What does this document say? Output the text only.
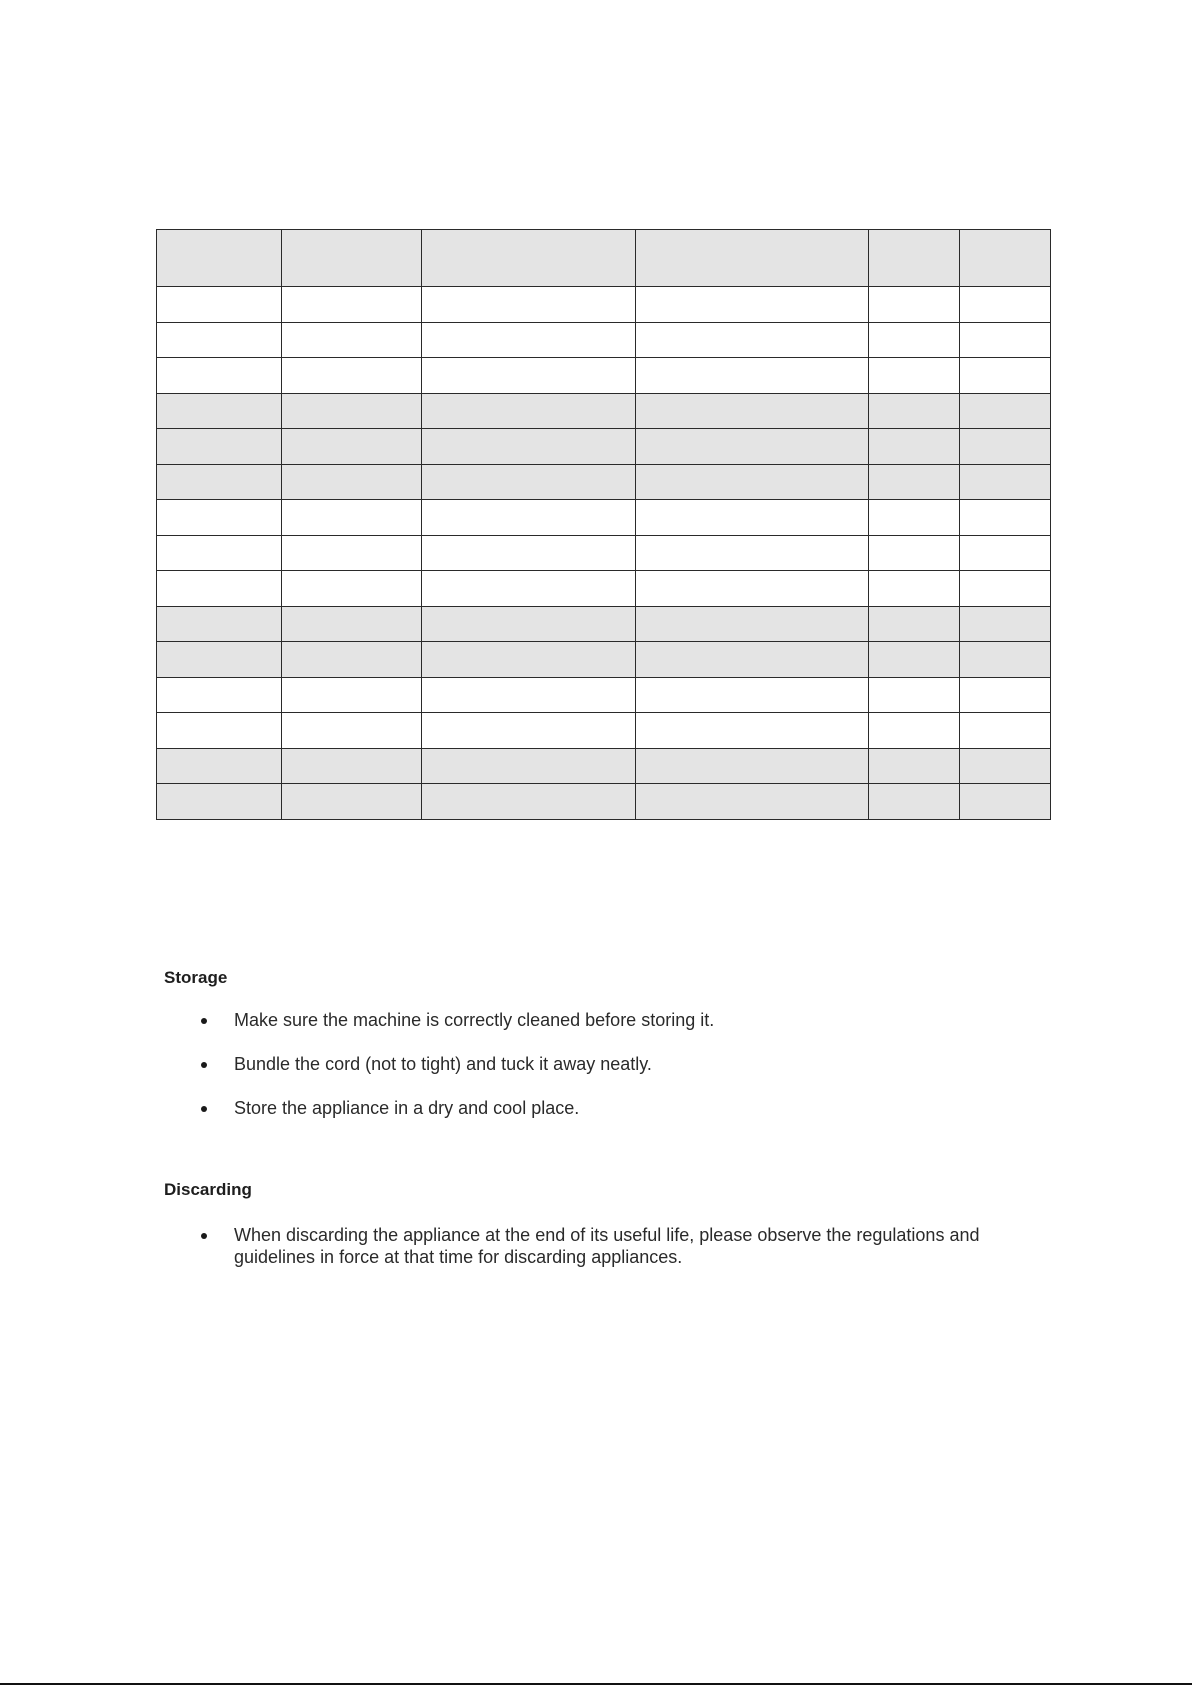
Storage
Make sure the machine is correctly cleaned before storing it.
Bundle the cord (not to tight) and tuck it away neatly.
Store the appliance in a dry and cool place.
Discarding
When discarding the appliance at the end of its useful life, please observe the regulations and guidelines in force at that time for discarding appliances.
